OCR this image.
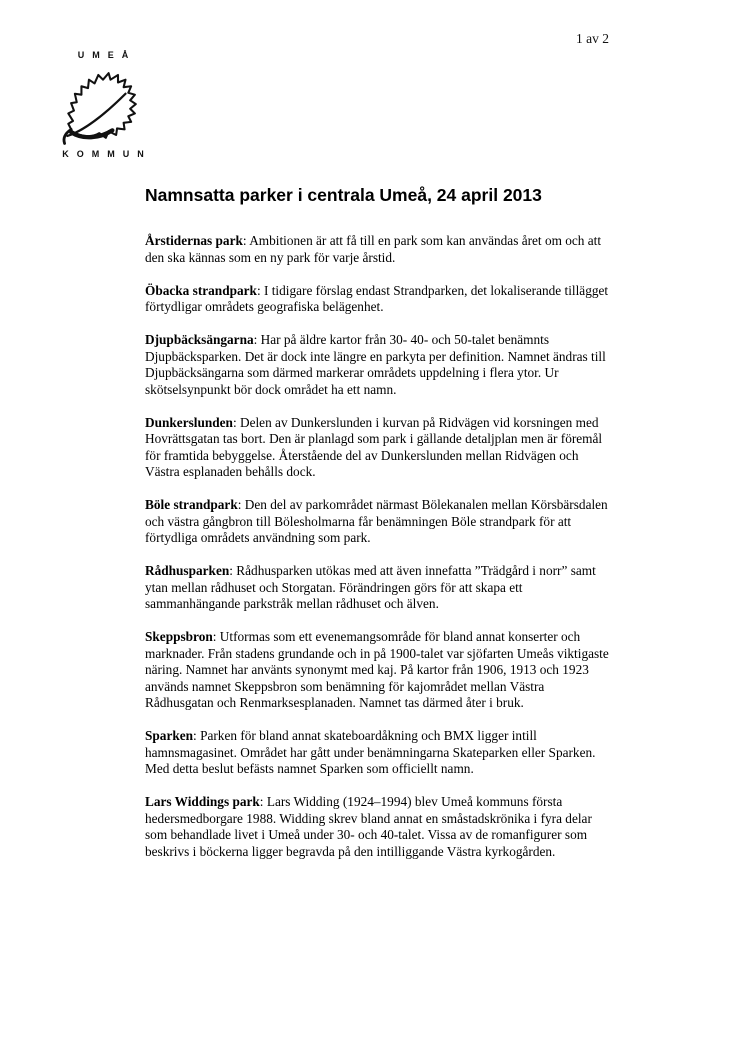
1 av 2
UMEÅ
KOMMUN
Namnsatta parker i centrala Umeå, 24 april 2013

Årstidernas park: Ambitionen är att få till en park som kan användas året om och att den ska kännas som en ny park för varje årstid.

Öbacka strandpark: I tidigare förslag endast Strandparken, det lokaliserande tillägget förtydligar områdets geografiska belägenhet.

Djupbäcksängarna: Har på äldre kartor från 30- 40- och 50-talet benämnts Djupbäcksparken. Det är dock inte längre en parkyta per definition. Namnet ändras till Djupbäcksängarna som därmed markerar områdets uppdelning i flera ytor. Ur skötselsynpunkt bör dock området ha ett namn.

Dunkerslunden: Delen av Dunkerslunden i kurvan på Ridvägen vid korsningen med Hovrättsgatan tas bort. Den är planlagd som park i gällande detaljplan men är föremål för framtida bebyggelse. Återstående del av Dunkerslunden mellan Ridvägen och Västra esplanaden behålls dock.

Böle strandpark: Den del av parkområdet närmast Bölekanalen mellan Körsbärsdalen och västra gångbron till Bölesholmarna får benämningen Böle strandpark för att förtydliga områdets användning som park.

Rådhusparken: Rådhusparken utökas med att även innefatta ”Trädgård i norr” samt ytan mellan rådhuset och Storgatan. Förändringen görs för att skapa ett sammanhängande parkstråk mellan rådhuset och älven.

Skeppsbron: Utformas som ett evenemangsområde för bland annat konserter och marknader. Från stadens grundande och in på 1900-talet var sjöfarten Umeås viktigaste näring. Namnet har använts synonymt med kaj. På kartor från 1906, 1913 och 1923 används namnet Skeppsbron som benämning för kajområdet mellan Västra Rådhusgatan och Renmarksesplanaden. Namnet tas därmed åter i bruk.

Sparken: Parken för bland annat skateboardåkning och BMX ligger intill hamnsmagasinet. Området har gått under benämningarna Skateparken eller Sparken. Med detta beslut befästs namnet Sparken som officiellt namn.

Lars Widdings park: Lars Widding (1924–1994) blev Umeå kommuns första hedersmedborgare 1988. Widding skrev bland annat en småstadskrönika i fyra delar som behandlade livet i Umeå under 30- och 40-talet. Vissa av de romanfigurer som beskrivs i böckerna ligger begravda på den intilliggande Västra kyrkogården.
